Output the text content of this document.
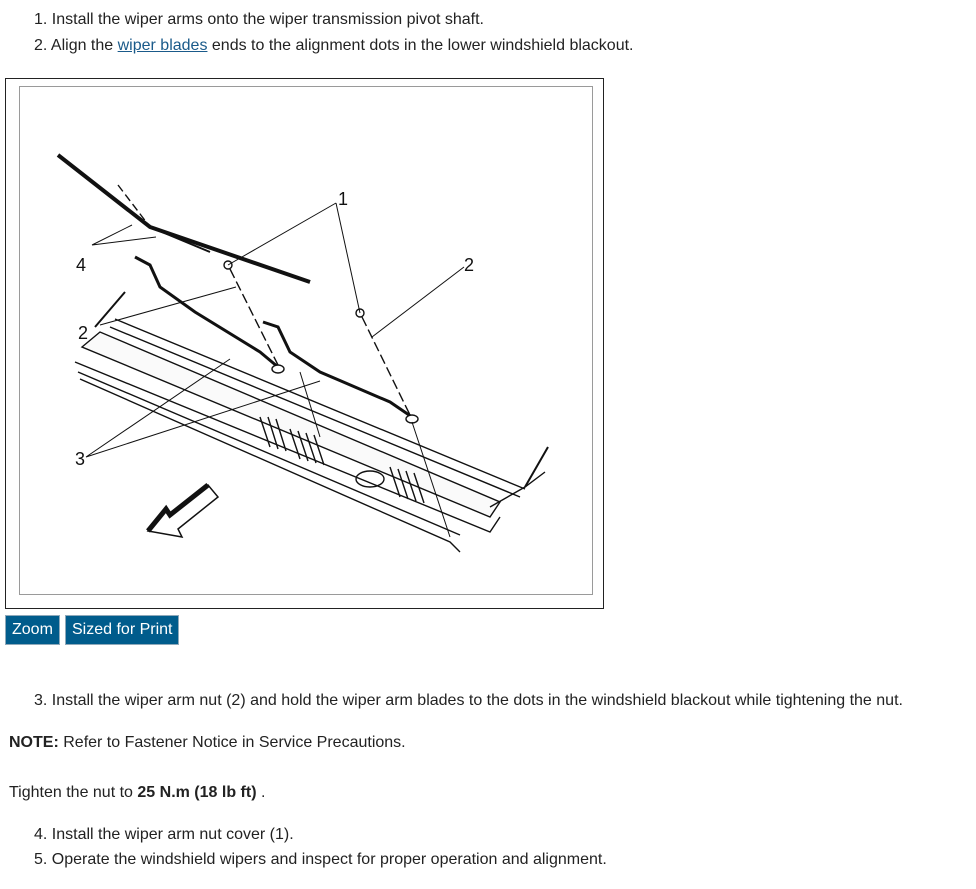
1. Install the wiper arms onto the wiper transmission pivot shaft.
2. Align the wiper blades ends to the alignment dots in the lower windshield blackout.
1
2
2
3
4
Zoom	Sized for Print
3. Install the wiper arm nut (2) and hold the wiper arm blades to the dots in the windshield blackout while tightening the nut.
NOTE: Refer to Fastener Notice in Service Precautions.
Tighten the nut to 25 N.m (18 lb ft) .
4. Install the wiper arm nut cover (1).
5. Operate the windshield wipers and inspect for proper operation and alignment.
